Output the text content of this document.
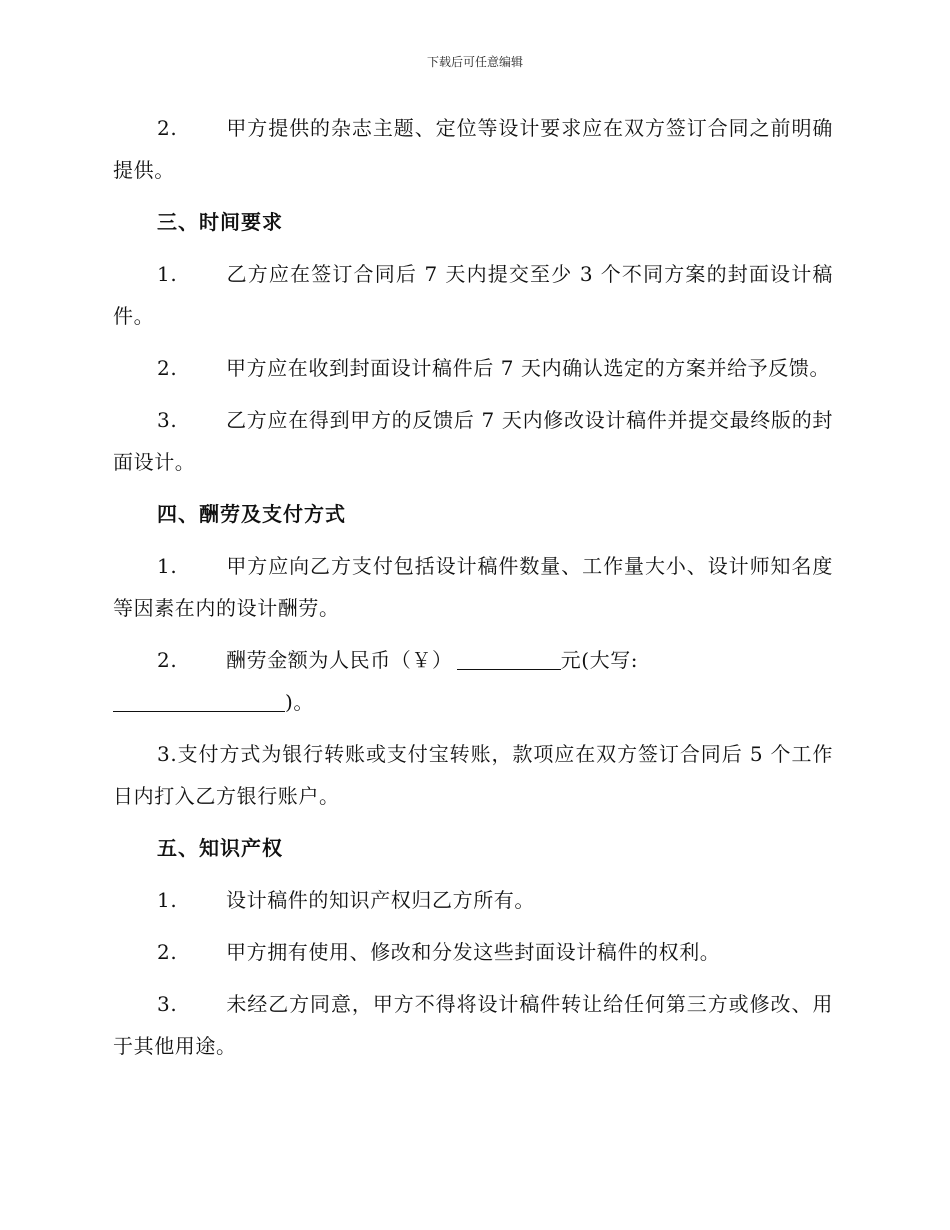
下载后可任意编辑

2. 甲方提供的杂志主题、定位等设计要求应在双方签订合同之前明确提供。

三、时间要求

1. 乙方应在签订合同后 7 天内提交至少 3 个不同方案的封面设计稿件。

2. 甲方应在收到封面设计稿件后 7 天内确认选定的方案并给予反馈。

3. 乙方应在得到甲方的反馈后 7 天内修改设计稿件并提交最终版的封面设计。

四、酬劳及支付方式

1. 甲方应向乙方支付包括设计稿件数量、工作量大小、设计师知名度等因素在内的设计酬劳。

2. 酬劳金额为人民币（￥）	元(大写:
)。

3.支付方式为银行转账或支付宝转账，款项应在双方签订合同后 5 个工作日内打入乙方银行账户。

五、知识产权

1. 设计稿件的知识产权归乙方所有。

2. 甲方拥有使用、修改和分发这些封面设计稿件的权利。

3. 未经乙方同意，甲方不得将设计稿件转让给任何第三方或修改、用于其他用途。
